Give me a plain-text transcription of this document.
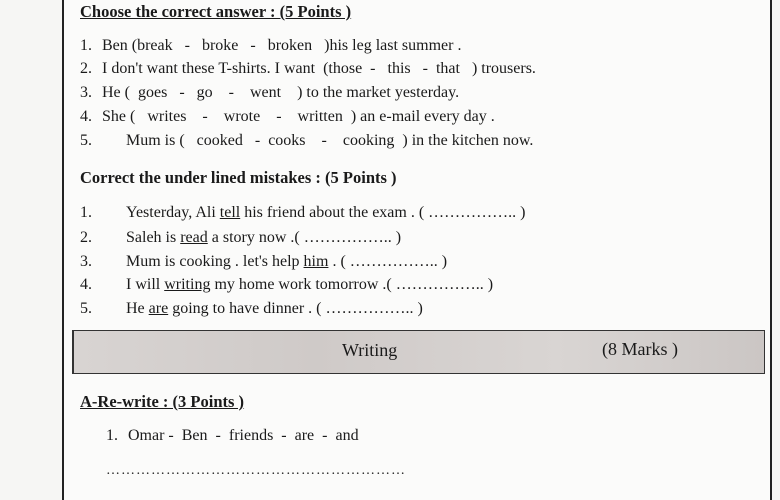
Choose the correct answer : (5 Points )
1. Ben (break   -   broke   -   broken   )his leg last summer .
2. I don't want these T-shirts. I want  (those  -   this   -  that   ) trousers.
3. He (  goes   -   go    -    went    ) to the market yesterday.
4. She (   writes    -    wrote    -    written  ) an e-mail every day .
5. Mum is (   cooked   -  cooks    -    cooking  ) in the kitchen now.
Correct the under lined mistakes : (5 Points )
1. Yesterday, Ali tell his friend about the exam . ( …………….. )
2. Saleh is read a story now .( …………….. )
3. Mum is cooking . let's help him . ( …………….. )
4. I will writing my home work tomorrow .( …………….. )
5. He are going to have dinner . ( …………….. )
Writing	(8 Marks )
A-Re-write : (3 Points )
1. Omar -  Ben  -  friends  -  are  -  and
……………………………………………………
